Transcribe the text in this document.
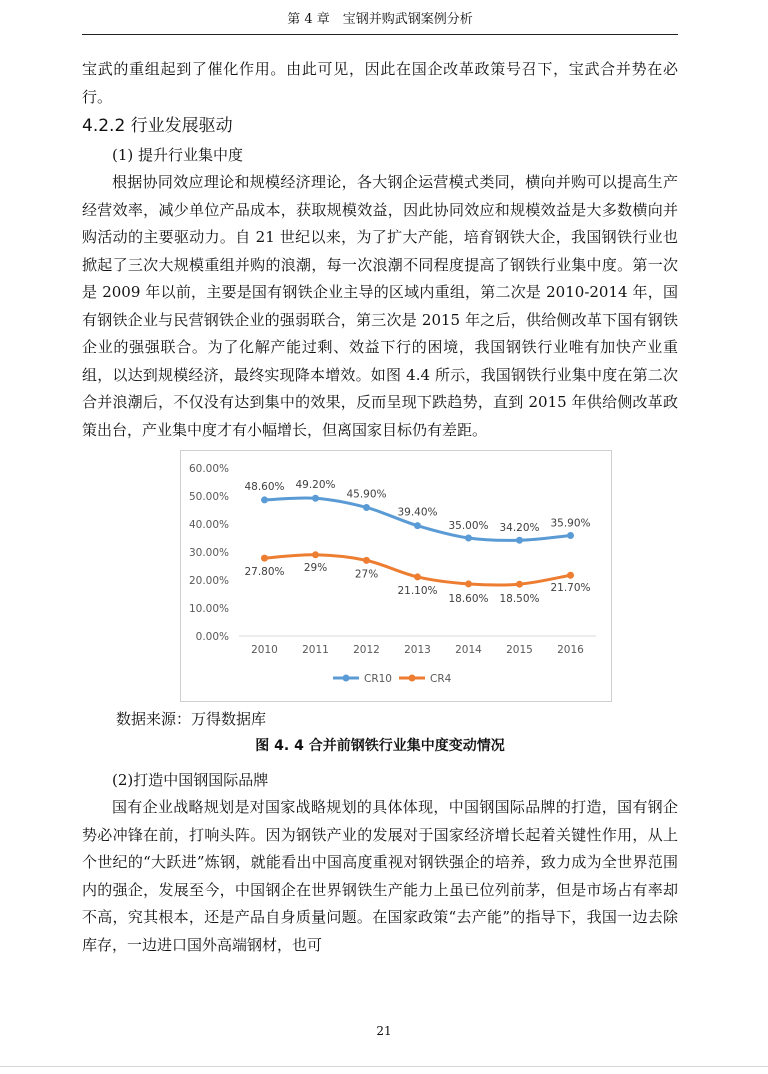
第 4 章　宝钢并购武钢案例分析

宝武的重组起到了催化作用。由此可见，因此在国企改革政策号召下，宝武合并势在必行。

4.2.2 行业发展驱动

(1) 提升行业集中度

根据协同效应理论和规模经济理论，各大钢企运营模式类同，横向并购可以提高生产经营效率，减少单位产品成本，获取规模效益，因此协同效应和规模效益是大多数横向并购活动的主要驱动力。自 21 世纪以来，为了扩大产能，培育钢铁大企，我国钢铁行业也掀起了三次大规模重组并购的浪潮，每一次浪潮不同程度提高了钢铁行业集中度。第一次是 2009 年以前，主要是国有钢铁企业主导的区域内重组，第二次是 2010-2014 年，国有钢铁企业与民营钢铁企业的强弱联合，第三次是 2015 年之后，供给侧改革下国有钢铁企业的强强联合。为了化解产能过剩、效益下行的困境，我国钢铁行业唯有加快产业重组，以达到规模经济，最终实现降本增效。如图 4.4 所示，我国钢铁行业集中度在第二次合并浪潮后，不仅没有达到集中的效果，反而呈现下跌趋势，直到 2015 年供给侧改革政策出台，产业集中度才有小幅增长，但离国家目标仍有差距。

0.00%
10.00%
20.00%
30.00%
40.00%
50.00%
60.00%
2010 2011 2012 2013 2014 2015 2016
48.60% 49.20%
45.90%
39.40%
35.00% 34.20% 35.90%
27.80% 29%
27%
21.10%
18.60% 18.50%
21.70%
CR10	CR4

数据来源：万得数据库

图 4. 4 合并前钢铁行业集中度变动情况

(2)打造中国钢国际品牌

国有企业战略规划是对国家战略规划的具体体现，中国钢国际品牌的打造，国有钢企势必冲锋在前，打响头阵。因为钢铁产业的发展对于国家经济增长起着关键性作用，从上个世纪的“大跃进”炼钢，就能看出中国高度重视对钢铁强企的培养，致力成为全世界范围内的强企，发展至今，中国钢企在世界钢铁生产能力上虽已位列前茅，但是市场占有率却不高，究其根本，还是产品自身质量问题。在国家政策“去产能”的指导下，我国一边去除库存，一边进口国外高端钢材，也可

21
